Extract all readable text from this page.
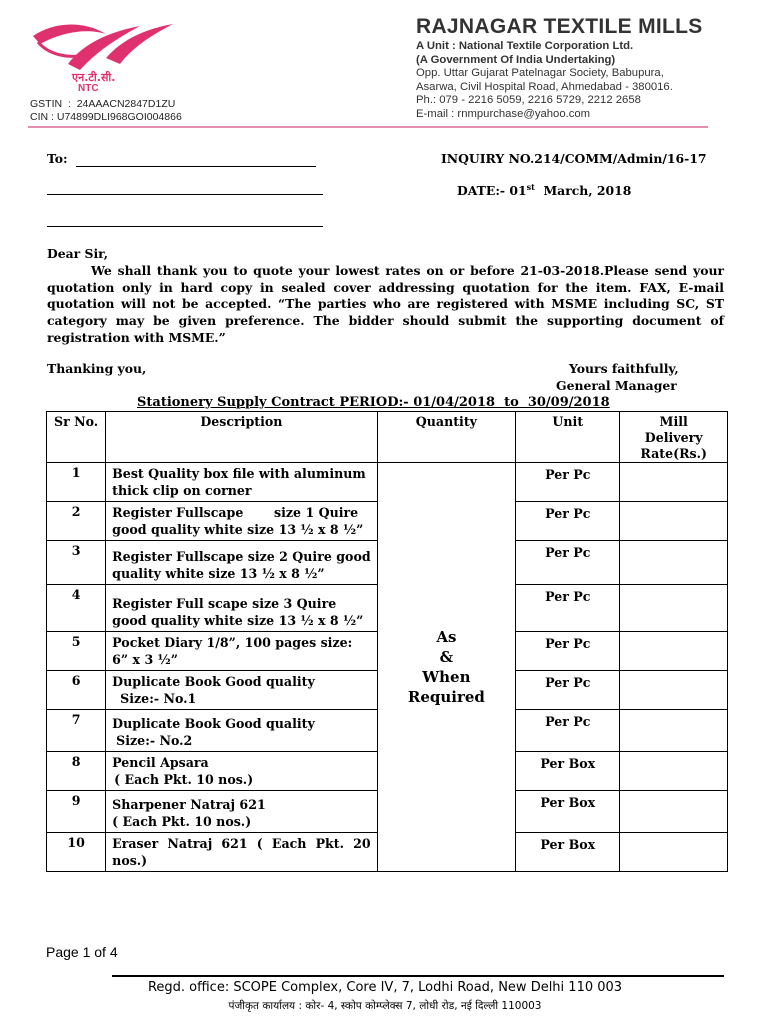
एन.टी.सी.
NTC
GSTIN  :  24AAACN2847D1ZU
CIN : U74899DLI968GOI004866
RAJNAGAR TEXTILE MILLS
A Unit : National Textile Corporation Ltd.
(A Government Of India Undertaking)
Opp. Uttar Gujarat Patelnagar Society, Babupura,
Asarwa, Civil Hospital Road, Ahmedabad - 380016.
Ph.: 079 - 2216 5059, 2216 5729, 2212 2658
E-mail : rnmpurchase@yahoo.com
To:	INQUIRY NO.214/COMM/Admin/16-17
DATE:- 01st  March, 2018

Dear Sir,

We shall thank you to quote your lowest rates on or before 21-03-2018.Please send your quotation only in hard copy in sealed cover addressing quotation for the item. FAX, E-mail quotation will not be accepted. “The parties who are registered with MSME including SC, ST category may be given preference. The bidder should submit the supporting document of registration with MSME.”

Thanking you,	Yours faithfully,
General Manager
Stationery Supply Contract PERIOD:- 01/04/2018  to  30/09/2018
Sr No.	Description	Quantity	Unit	Mill Delivery Rate(Rs.)
1	Best Quality box file with aluminum thick clip on corner	As
&
When
Required	Per Pc	
2	Register Fullscape       size 1 Quire good quality white size 13 ½ x 8 ½”		Per Pc	
3	Register Fullscape size 2 Quire good quality white size 13 ½ x 8 ½”		Per Pc	
4	Register Full scape size 3 Quire good quality white size 13 ½ x 8 ½”		Per Pc	
5	Pocket Diary 1/8”, 100 pages size: 6” x 3 ½”		Per Pc	
6	Duplicate Book Good quality
Size:- No.1		Per Pc	
7	Duplicate Book Good quality
Size:- No.2		Per Pc	
8	Pencil Apsara
( Each Pkt. 10 nos.)		Per Box	
9	Sharpener Natraj 621
( Each Pkt. 10 nos.)		Per Box	
10	Eraser Natraj 621 ( Each Pkt. 20 nos.)		Per Box	
Page 1 of 4
Regd. office: SCOPE Complex, Core IV, 7, Lodhi Road, New Delhi 110 003
पंजीकृत कार्यालय : कोर- 4, स्कोप कोम्प्लेक्स 7, लोधी रोड, नई दिल्ली 110003
